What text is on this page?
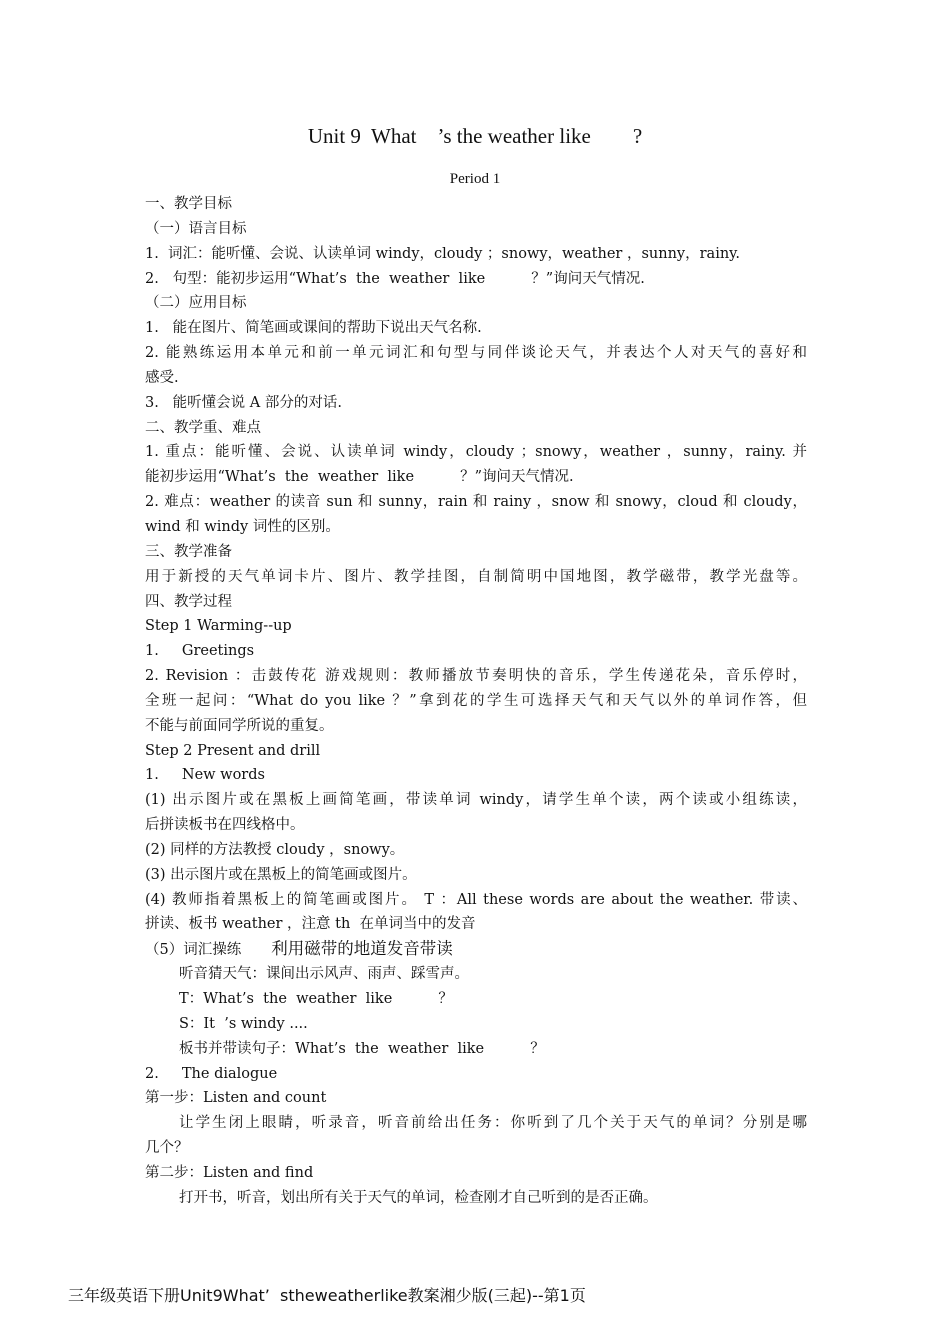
Unit 9  What    ’s the weather like        ?
Period 1
一、教学目标
（一）语言目标
1.  词汇：能听懂、会说、认读单词 windy，cloudy ；snowy，weather ，sunny，rainy.
2.   句型：能初步运用“What’s  the  weather  like          ？”询问天气情况.
（二）应用目标
1.   能在图片、简笔画或课间的帮助下说出天气名称.
2. 能熟练运用本单元和前一单元词汇和句型与同伴谈论天气，并表达个人对天气的喜好和
感受.
3.   能听懂会说 A 部分的对话.
二、教学重、难点
1. 重点：能听懂、会说、认读单词 windy，cloudy ；snowy，weather ，sunny，rainy. 并
能初步运用“What’s  the  weather  like          ？”询问天气情况.
2. 难点：weather 的读音 sun 和 sunny，rain 和 rainy ，snow 和 snowy，cloud 和 cloudy，
wind 和 windy 词性的区别。
三、教学准备
用于新授的天气单词卡片、图片、教学挂图，自制简明中国地图，教学磁带，教学光盘等。
四、教学过程
Step 1 Warming--up
1.     Greetings
2. Revision ：击鼓传花 游戏规则：教师播放节奏明快的音乐，学生传递花朵，音乐停时，
全班一起问：“What do you like ？”拿到花的学生可选择天气和天气以外的单词作答，但
不能与前面同学所说的重复。
Step 2 Present and drill
1.     New words
(1) 出示图片或在黑板上画简笔画，带读单词 windy，请学生单个读，两个读或小组练读，
后拼读板书在四线格中。
(2) 同样的方法教授 cloudy ，snowy。
(3) 出示图片或在黑板上的简笔画或图片。
(4) 教师指着黑板上的简笔画或图片。 T ：All these words are about the weather. 带读、
拼读、板书 weather ，注意 th  在单词当中的发音
（5）词汇操练 利用磁带的地道发音带读
听音猜天气：课间出示风声、雨声、踩雪声。
T：What’s  the  weather  like          ？
S：It  ’s windy ....
板书并带读句子：What’s  the  weather  like          ？
2.     The dialogue
第一步：Listen and count
让学生闭上眼睛，听录音，听音前给出任务：你听到了几个关于天气的单词？分别是哪
几个？
第二步：Listen and find
打开书，听音，划出所有关于天气的单词，检查刚才自己听到的是否正确。
三年级英语下册Unit9What’  stheweatherlike教案湘少版(三起)--第1页
